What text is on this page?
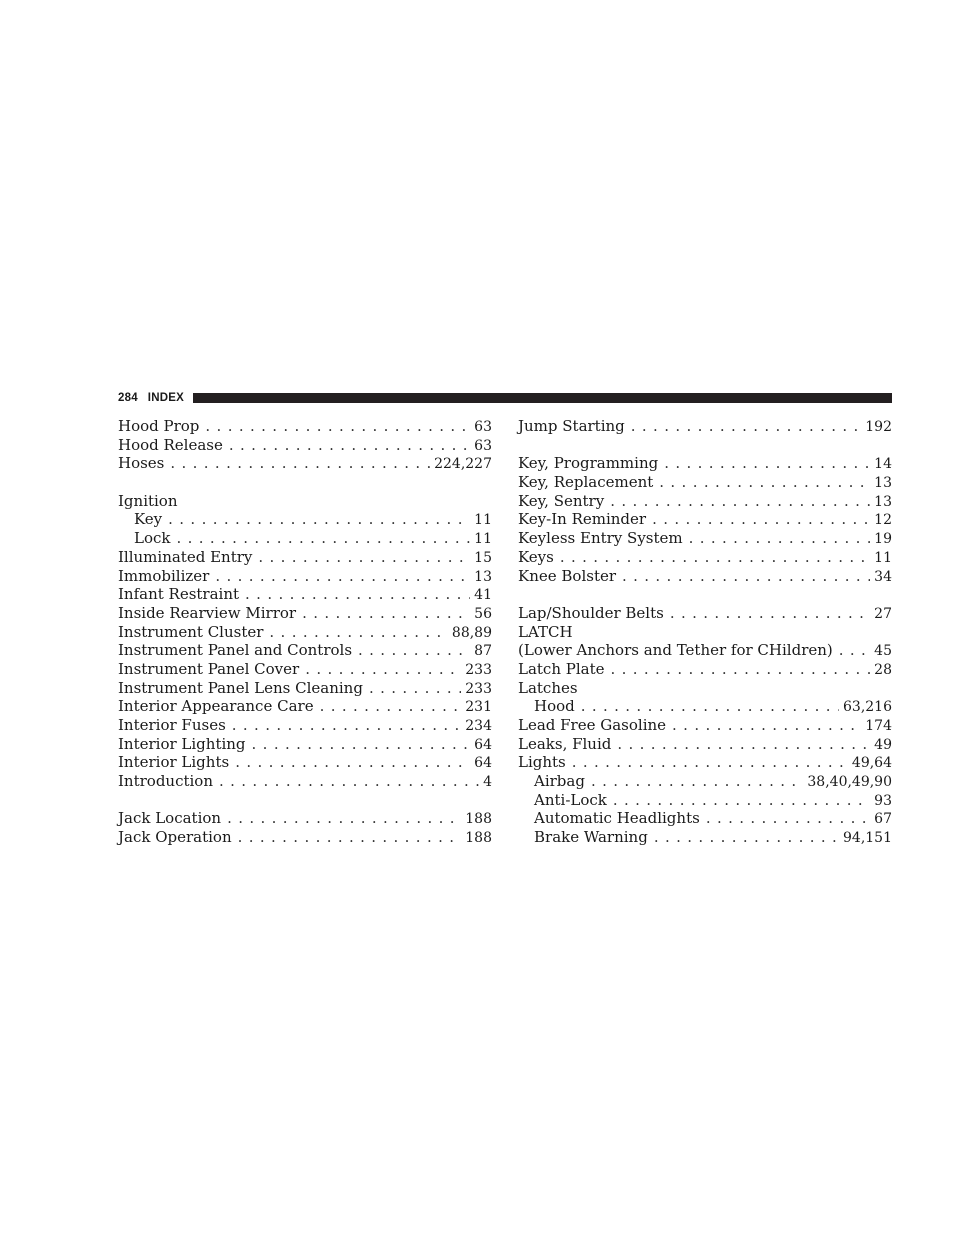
284 INDEX
Hood Prop . . .	63
Hood Release . . .	63
Hoses . . .	224,227
Ignition
Key . . .	11
Lock . . .	11
Illuminated Entry . . .	15
Immobilizer . . .	13
Infant Restraint . . .	41
Inside Rearview Mirror . . .	56
Instrument Cluster . . .	88,89
Instrument Panel and Controls . . .	87
Instrument Panel Cover . . .	233
Instrument Panel Lens Cleaning . . .	233
Interior Appearance Care . . .	231
Interior Fuses . . .	234
Interior Lighting . . .	64
Interior Lights . . .	64
Introduction . . .	4
Jack Location . . .	188
Jack Operation . . .	188
Jump Starting . . .	192
Key, Programming . . .	14
Key, Replacement . . .	13
Key, Sentry . . .	13
Key-In Reminder . . .	12
Keyless Entry System . . .	19
Keys . . .	11
Knee Bolster . . .	34
Lap/Shoulder Belts . . .	27
LATCH
(Lower Anchors and Tether for CHildren) . . .	45
Latch Plate . . .	28
Latches
Hood . . .	63,216
Lead Free Gasoline . . .	174
Leaks, Fluid . . .	49
Lights . . .	49,64
Airbag . . .	38,40,49,90
Anti-Lock . . .	93
Automatic Headlights . . .	67
Brake Warning . . .	94,151
